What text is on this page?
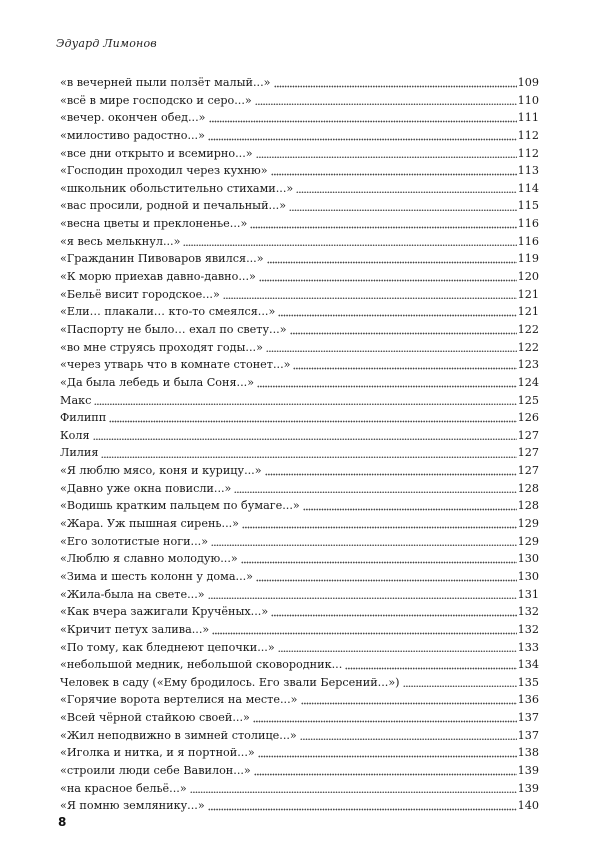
Эдуард Лимонов
«в вечерней пыли ползёт малый...»	109
«всё в мире господско и серо...»	110
«вечер. окончен обед...»	111
«милостиво радостно...»	112
«все дни открыто и всемирно...»	112
«Господин проходил через кухню»	113
«школьник обольстительно стихами...»	114
«вас просили, родной и печальный...»	115
«весна цветы и преклоненье...»	116
«я весь мелькнул...»	116
«Гражданин Пивоваров явился...»	119
«К морю приехав давно-давно...»	120
«Бельё висит городское...»	121
«Ели… плакали… кто-то смеялся...»	121
«Паспорту не было… ехал по свету...»	122
«во мне струясь проходят годы...»	122
«через утварь что в комнате стонет...»	123
«Да была лебедь и была Соня...»	124
Макс	125
Филипп	126
Коля	127
Лилия	127
«Я люблю мясо, коня и курицу...»	127
«Давно уже окна повисли...»	128
«Водишь кратким пальцем по бумаге...»	128
«Жара. Уж пышная сирень...»	129
«Его золотистые ноги...»	129
«Люблю я славно молодую...»	130
«Зима и шесть колонн у дома...»	130
«Жила-была на свете...»	131
«Как вчера зажигали Кручёных...»	132
«Кричит петух залива...»	132
«По тому, как бледнеют цепочки...»	133
«небольшой медник, небольшой сковородник...	134
Человек в саду («Ему бродилось. Его звали Берсений...»)	135
«Горячие ворота вертелися на месте...»	136
«Всей чёрной стайкою своей...»	137
«Жил неподвижно в зимней столице...»	137
«Иголка и нитка, и я портной...»	138
«строили люди себе Вавилон...»	139
«на красное бельё...»	139
«Я помню землянику...»	140
8
